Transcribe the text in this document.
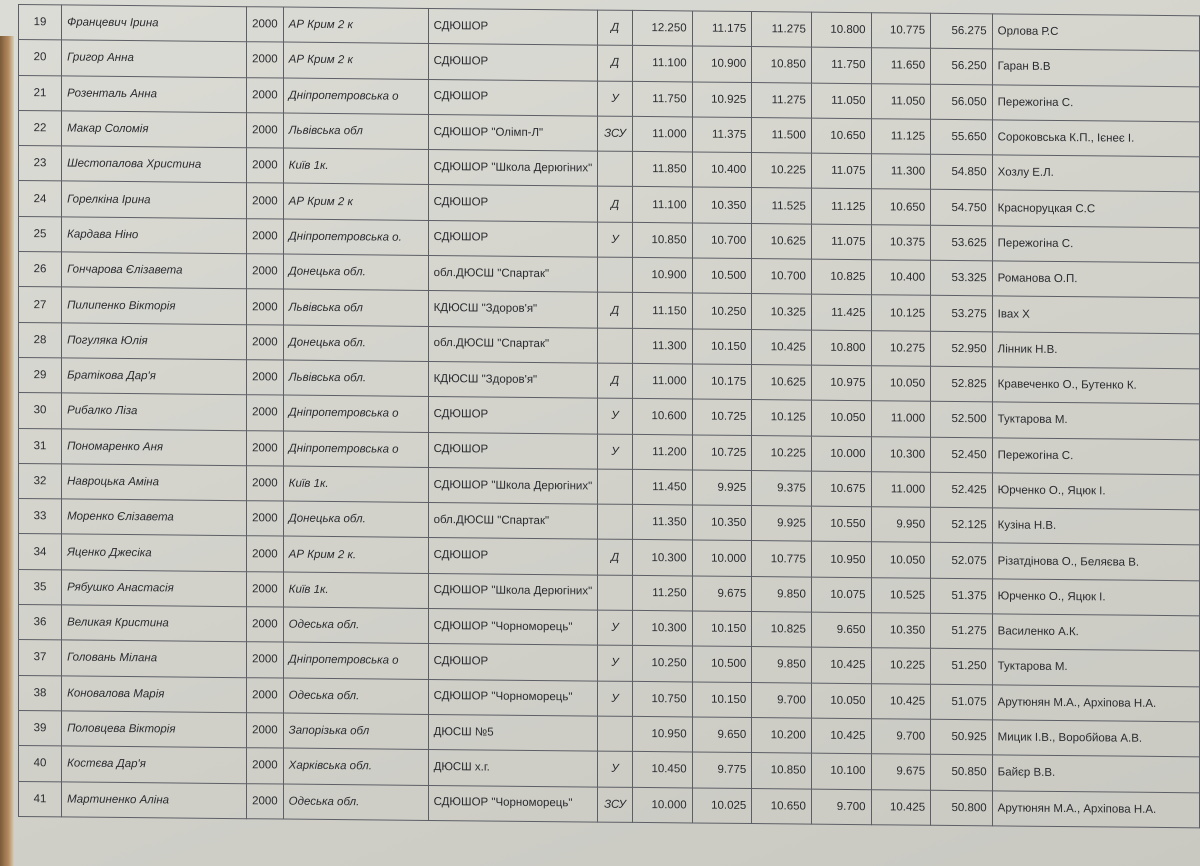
19	Францевич Ірина	2000	АР Крим 2 к	СДЮШОР	Д	12.250	11.175	11.275	10.800	10.775	56.275	Орлова Р.С
20	Григор Анна	2000	АР Крим 2 к	СДЮШОР	Д	11.100	10.900	10.850	11.750	11.650	56.250	Гаран В.В
21	Розенталь Анна	2000	Дніпропетровська о	СДЮШОР	У	11.750	10.925	11.275	11.050	11.050	56.050	Пережогіна С.
22	Макар Соломія	2000	Львівська обл	СДЮШОР "Олімп-Л"	ЗСУ	11.000	11.375	11.500	10.650	11.125	55.650	Сороковська К.П., Ієнеє І.
23	Шестопалова Христина	2000	Київ 1к.	СДЮШОР "Школа Дерюгіних"		11.850	10.400	10.225	11.075	11.300	54.850	Хозлу Е.Л.
24	Горелкіна Ірина	2000	АР Крим 2 к	СДЮШОР	Д	11.100	10.350	11.525	11.125	10.650	54.750	Красноруцкая С.С
25	Кардава Ніно	2000	Дніпропетровська о.	СДЮШОР	У	10.850	10.700	10.625	11.075	10.375	53.625	Пережогіна С.
26	Гончарова Єлізавета	2000	Донецька обл.	обл.ДЮСШ "Спартак"		10.900	10.500	10.700	10.825	10.400	53.325	Романова О.П.
27	Пилипенко Вікторія	2000	Львівська обл	КДЮСШ "Здоров'я"	Д	11.150	10.250	10.325	11.425	10.125	53.275	Івах Х
28	Погуляка Юлія	2000	Донецька обл.	обл.ДЮСШ "Спартак"		11.300	10.150	10.425	10.800	10.275	52.950	Лінник Н.В.
29	Братікова Дар'я	2000	Львівська обл.	КДЮСШ "Здоров'я"	Д	11.000	10.175	10.625	10.975	10.050	52.825	Кравеченко О., Бутенко К.
30	Рибалко Ліза	2000	Дніпропетровська о	СДЮШОР	У	10.600	10.725	10.125	10.050	11.000	52.500	Туктарова М.
31	Пономаренко Аня	2000	Дніпропетровська о	СДЮШОР	У	11.200	10.725	10.225	10.000	10.300	52.450	Пережогіна С.
32	Навроцька Аміна	2000	Київ 1к.	СДЮШОР "Школа Дерюгіних"		11.450	9.925	9.375	10.675	11.000	52.425	Юрченко О., Яцюк І.
33	Моренко Єлізавета	2000	Донецька обл.	обл.ДЮСШ "Спартак"		11.350	10.350	9.925	10.550	9.950	52.125	Кузіна Н.В.
34	Яценко Джесіка	2000	АР Крим 2 к.	СДЮШОР	Д	10.300	10.000	10.775	10.950	10.050	52.075	Різатдінова О., Беляєва В.
35	Рябушко Анастасія	2000	Київ 1к.	СДЮШОР "Школа Дерюгіних"		11.250	9.675	9.850	10.075	10.525	51.375	Юрченко О., Яцюк І.
36	Великая Кристина	2000	Одеська обл.	СДЮШОР "Чорноморець"	У	10.300	10.150	10.825	9.650	10.350	51.275	Василенко А.К.
37	Головань Мілана	2000	Дніпропетровська о	СДЮШОР	У	10.250	10.500	9.850	10.425	10.225	51.250	Туктарова М.
38	Коновалова Марія	2000	Одеська обл.	СДЮШОР "Чорноморець"	У	10.750	10.150	9.700	10.050	10.425	51.075	Арутюнян М.А., Архіпова Н.А.
39	Половцева Вікторія	2000	Запорізька обл	ДЮСШ №5		10.950	9.650	10.200	10.425	9.700	50.925	Мицик І.В., Воробйова А.В.
40	Костєва Дар'я	2000	Харківська обл.	ДЮСШ х.г.	У	10.450	9.775	10.850	10.100	9.675	50.850	Байєр В.В.
41	Мартиненко Аліна	2000	Одеська обл.	СДЮШОР "Чорноморець"	ЗСУ	10.000	10.025	10.650	9.700	10.425	50.800	Арутюнян М.А., Архіпова Н.А.
